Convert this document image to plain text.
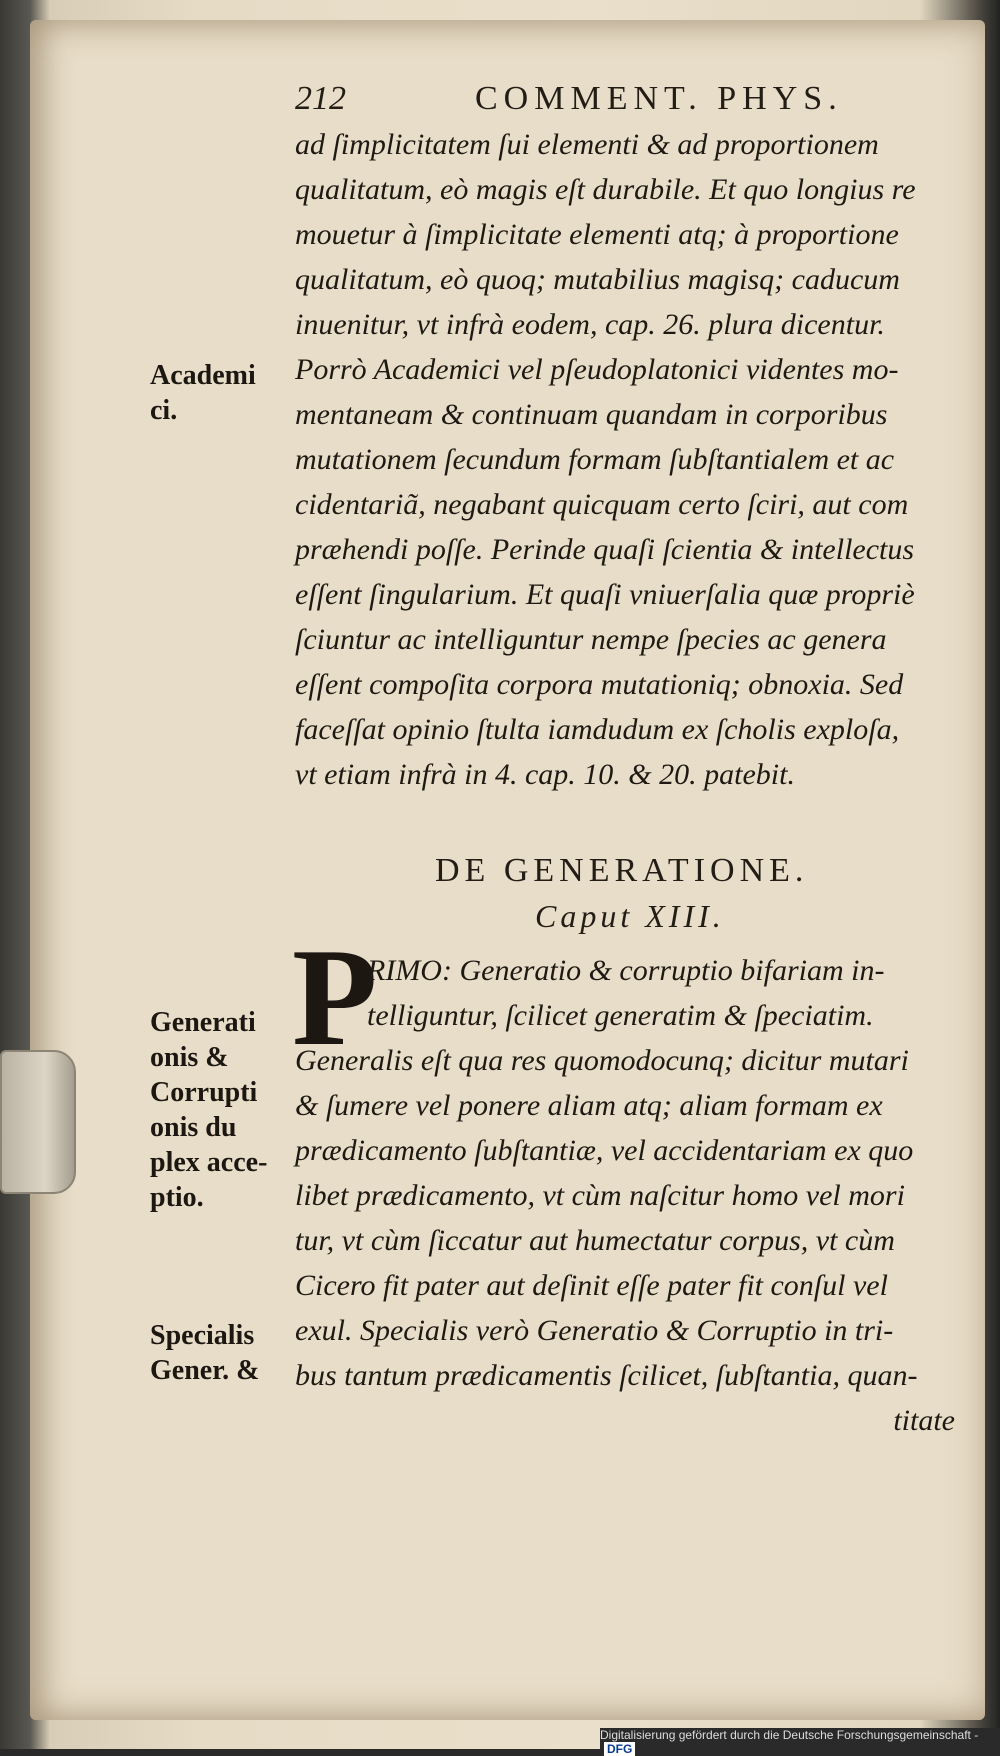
212	COMMENT. PHYS.
ad ſimplicitatem ſui elementi & ad proportionem
qualitatum, eò magis eſt durabile. Et quo longius re
mouetur à ſimplicitate elementi atq; à proportione
qualitatum, eò quoq; mutabilius magisq; caducum
inuenitur, vt infrà eodem, cap. 26. plura dicentur.
Porrò Academici vel pſeudoplatonici videntes mo-
mentaneam & continuam quandam in corporibus
mutationem ſecundum formam ſubſtantialem et ac
cidentariã, negabant quicquam certo ſciri, aut com
præhendi poſſe. Perinde quaſi ſcientia & intellectus
eſſent ſingularium. Et quaſi vniuerſalia quæ propriè
ſciuntur ac intelliguntur nempe ſpecies ac genera
eſſent compoſita corpora mutationiq; obnoxia. Sed
faceſſat opinio ſtulta iamdudum ex ſcholis exploſa,
vt etiam infrà in 4. cap. 10. & 20. patebit.
DE GENERATIONE.
Caput XIII.
P
RIMO: Generatio & corruptio bifariam in-
telliguntur, ſcilicet generatim & ſpeciatim.
Generalis eſt qua res quomodocunq; dicitur mutari
& ſumere vel ponere aliam atq; aliam formam ex
prædicamento ſubſtantiæ, vel accidentariam ex quo
libet prædicamento, vt cùm naſcitur homo vel mori
tur, vt cùm ſiccatur aut humectatur corpus, vt cùm
Cicero fit pater aut deſinit eſſe pater fit conſul vel
exul. Specialis verò Generatio & Corruptio in tri-
bus tantum prædicamentis ſcilicet, ſubſtantia, quan-
titate
Academi
ci.
Generati
onis &
Corrupti
onis du
plex acce-
ptio.
Specialis
Gener. &
Digitalisierung gefördert durch die Deutsche Forschungsgemeinschaft -DFG
